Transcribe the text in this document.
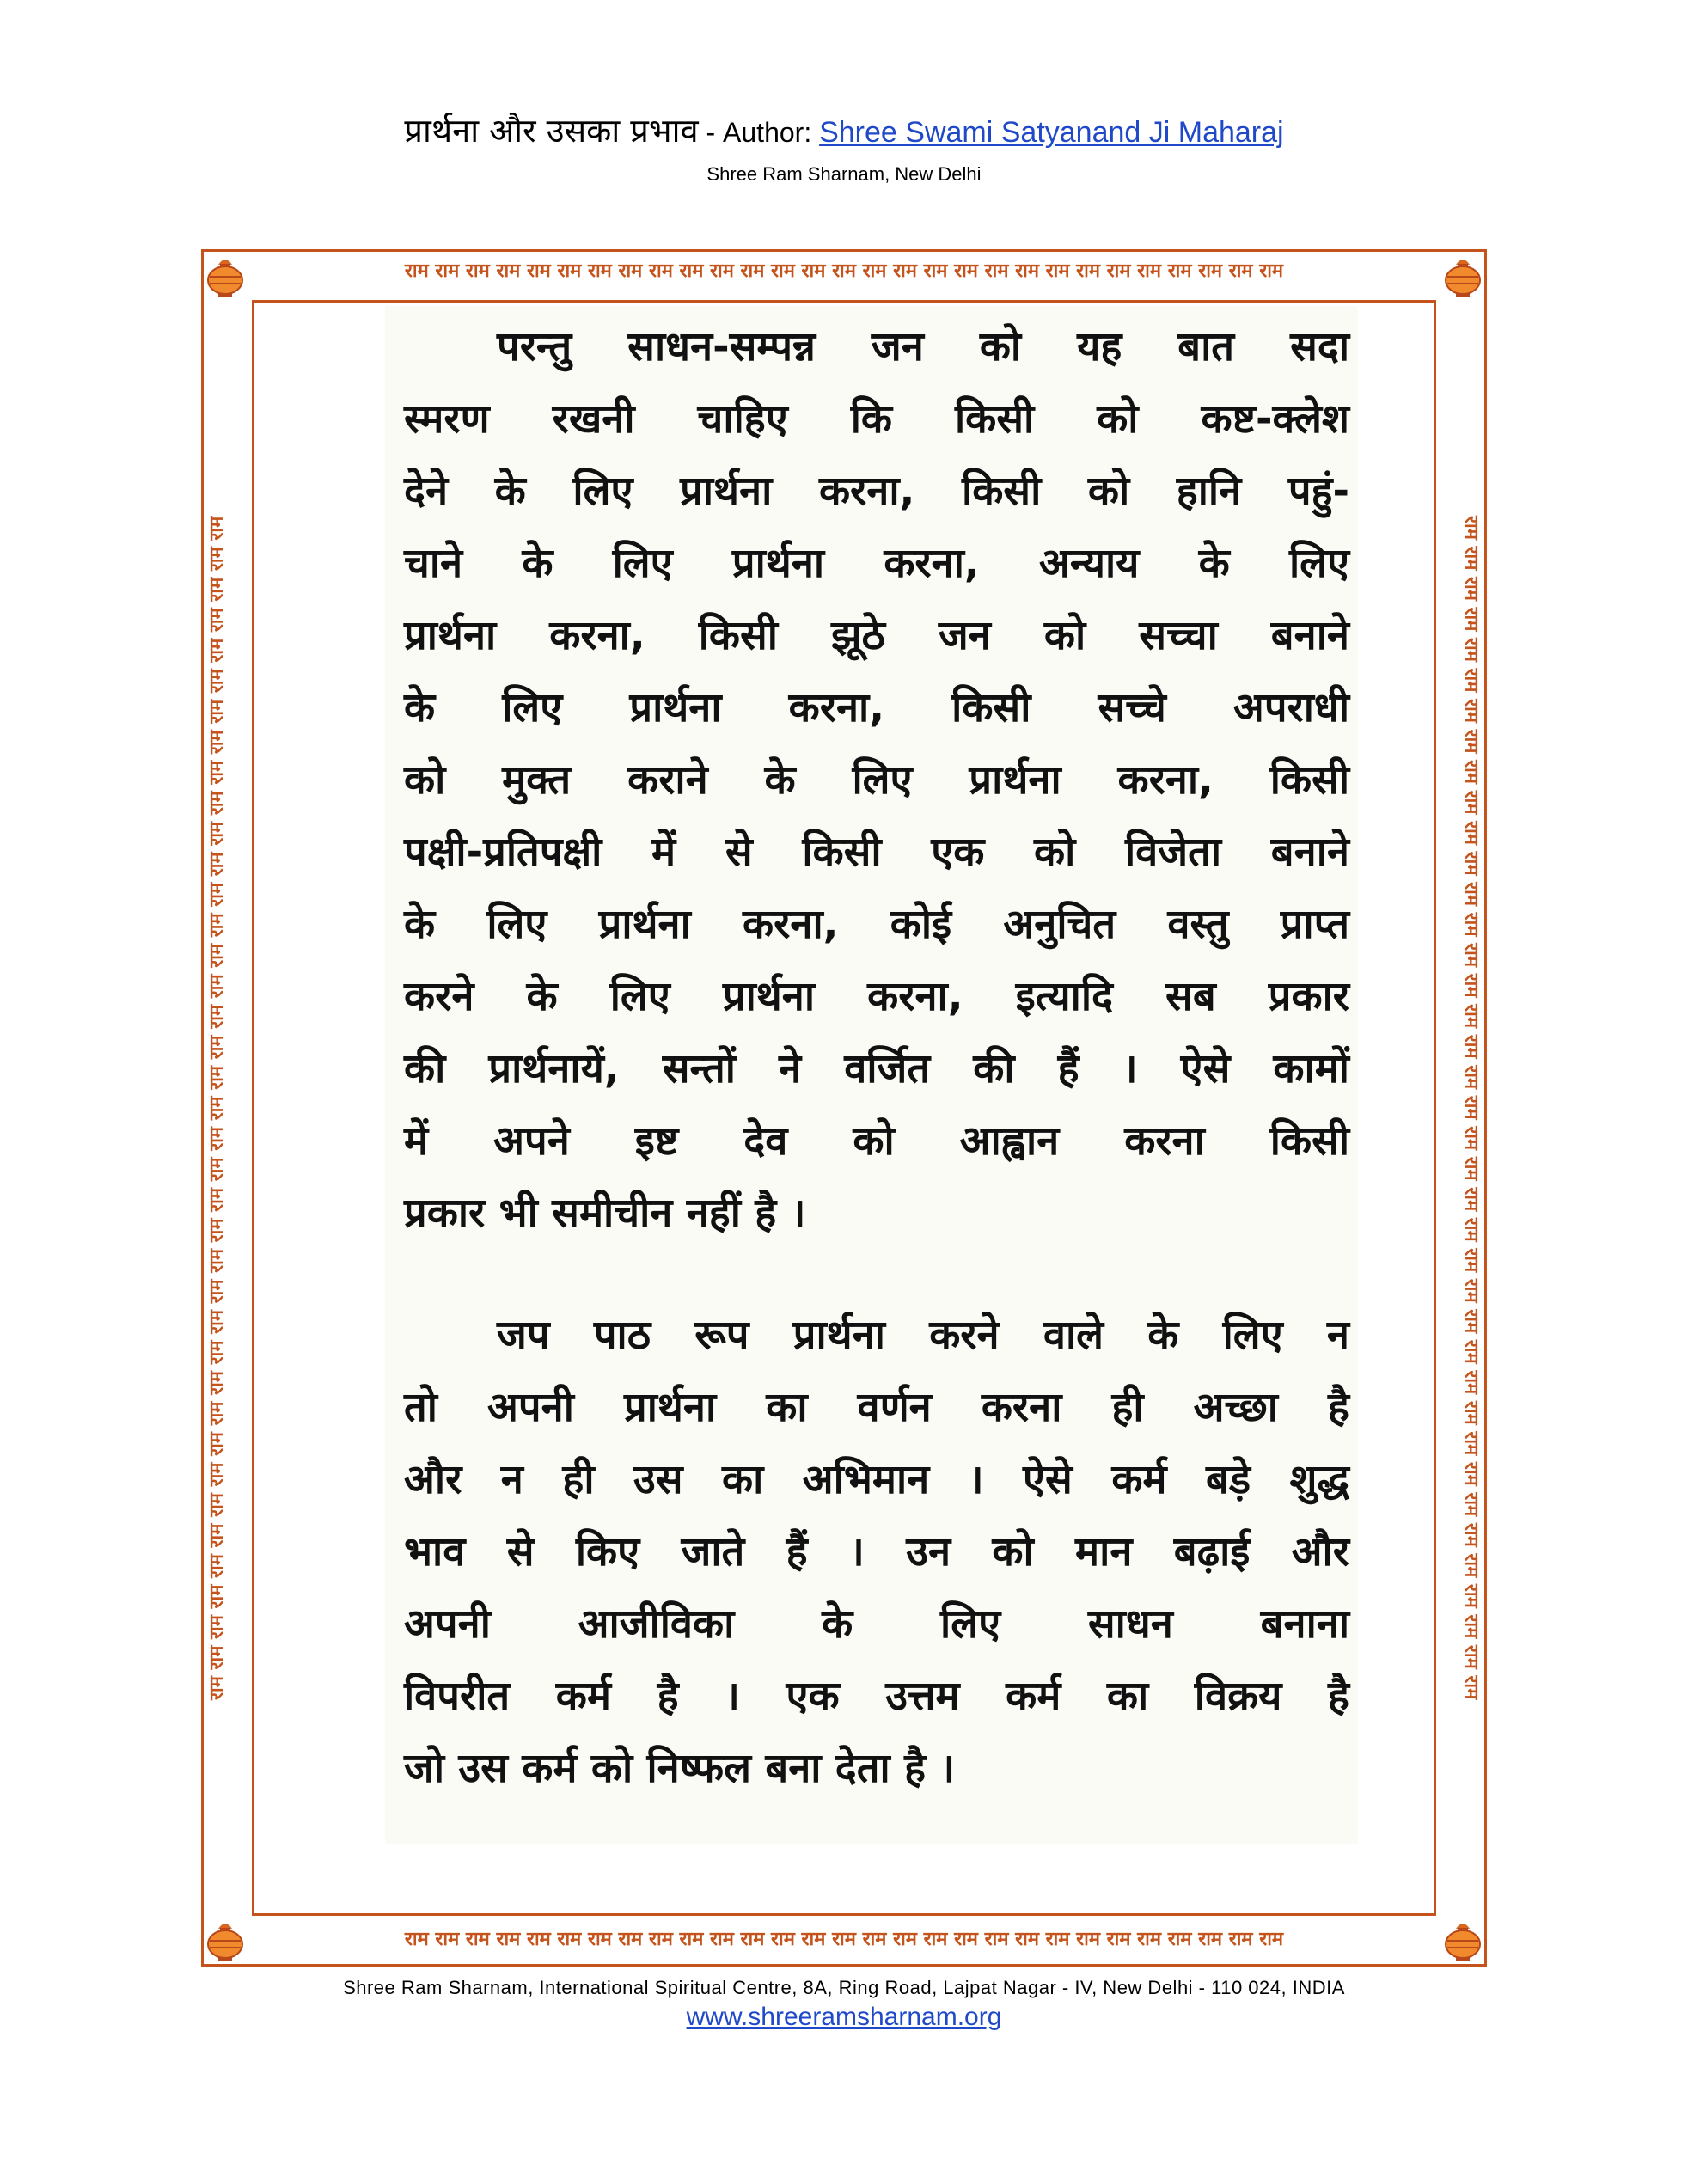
प्रार्थना और उसका प्रभाव - Author: Shree Swami Satyanand Ji Maharaj
Shree Ram Sharnam, New Delhi
राम राम राम राम राम राम राम राम राम राम राम राम राम राम राम राम राम राम राम राम राम राम राम राम राम राम राम राम राम
राम राम राम राम राम राम राम राम राम राम राम राम राम राम राम राम राम राम राम राम राम राम राम राम राम राम राम राम राम
राम राम राम राम राम राम राम राम राम राम राम राम राम राम राम राम राम राम राम राम राम राम राम राम राम राम राम राम राम राम राम राम राम राम राम राम राम राम राम	राम राम राम राम राम राम राम राम राम राम राम राम राम राम राम राम राम राम राम राम राम राम राम राम राम राम राम राम राम राम राम राम राम राम राम राम राम राम राम
परन्तु साधन-सम्पन्न जन को यह बात सदा
स्मरण रखनी चाहिए कि किसी को कष्ट-क्लेश
देने के लिए प्रार्थना करना, किसी को हानि पहुं-
चाने के लिए प्रार्थना करना, अन्याय के लिए
प्रार्थना करना, किसी झूठे जन को सच्चा बनाने
के लिए प्रार्थना करना, किसी सच्चे अपराधी
को मुक्त कराने के लिए प्रार्थना करना, किसी
पक्षी-प्रतिपक्षी में से किसी एक को विजेता बनाने
के लिए प्रार्थना करना, कोई अनुचित वस्तु प्राप्त
करने के लिए प्रार्थना करना, इत्यादि सब प्रकार
की प्रार्थनायें, सन्तों ने वर्जित की हैं । ऐसे कामों
में अपने इष्ट देव को आह्वान करना किसी
प्रकार भी समीचीन नहीं है ।
जप पाठ रूप प्रार्थना करने वाले के लिए न
तो अपनी प्रार्थना का वर्णन करना ही अच्छा है
और न ही उस का अभिमान । ऐसे कर्म बड़े शुद्ध
भाव से किए जाते हैं । उन को मान बढ़ाई और
अपनी आजीविका के लिए साधन बनाना
विपरीत कर्म है । एक उत्तम कर्म का विक्रय है
जो उस कर्म को निष्फल बना देता है ।
Shree Ram Sharnam, International Spiritual Centre, 8A, Ring Road, Lajpat Nagar - IV, New Delhi - 110 024, INDIA
www.shreeramsharnam.org
